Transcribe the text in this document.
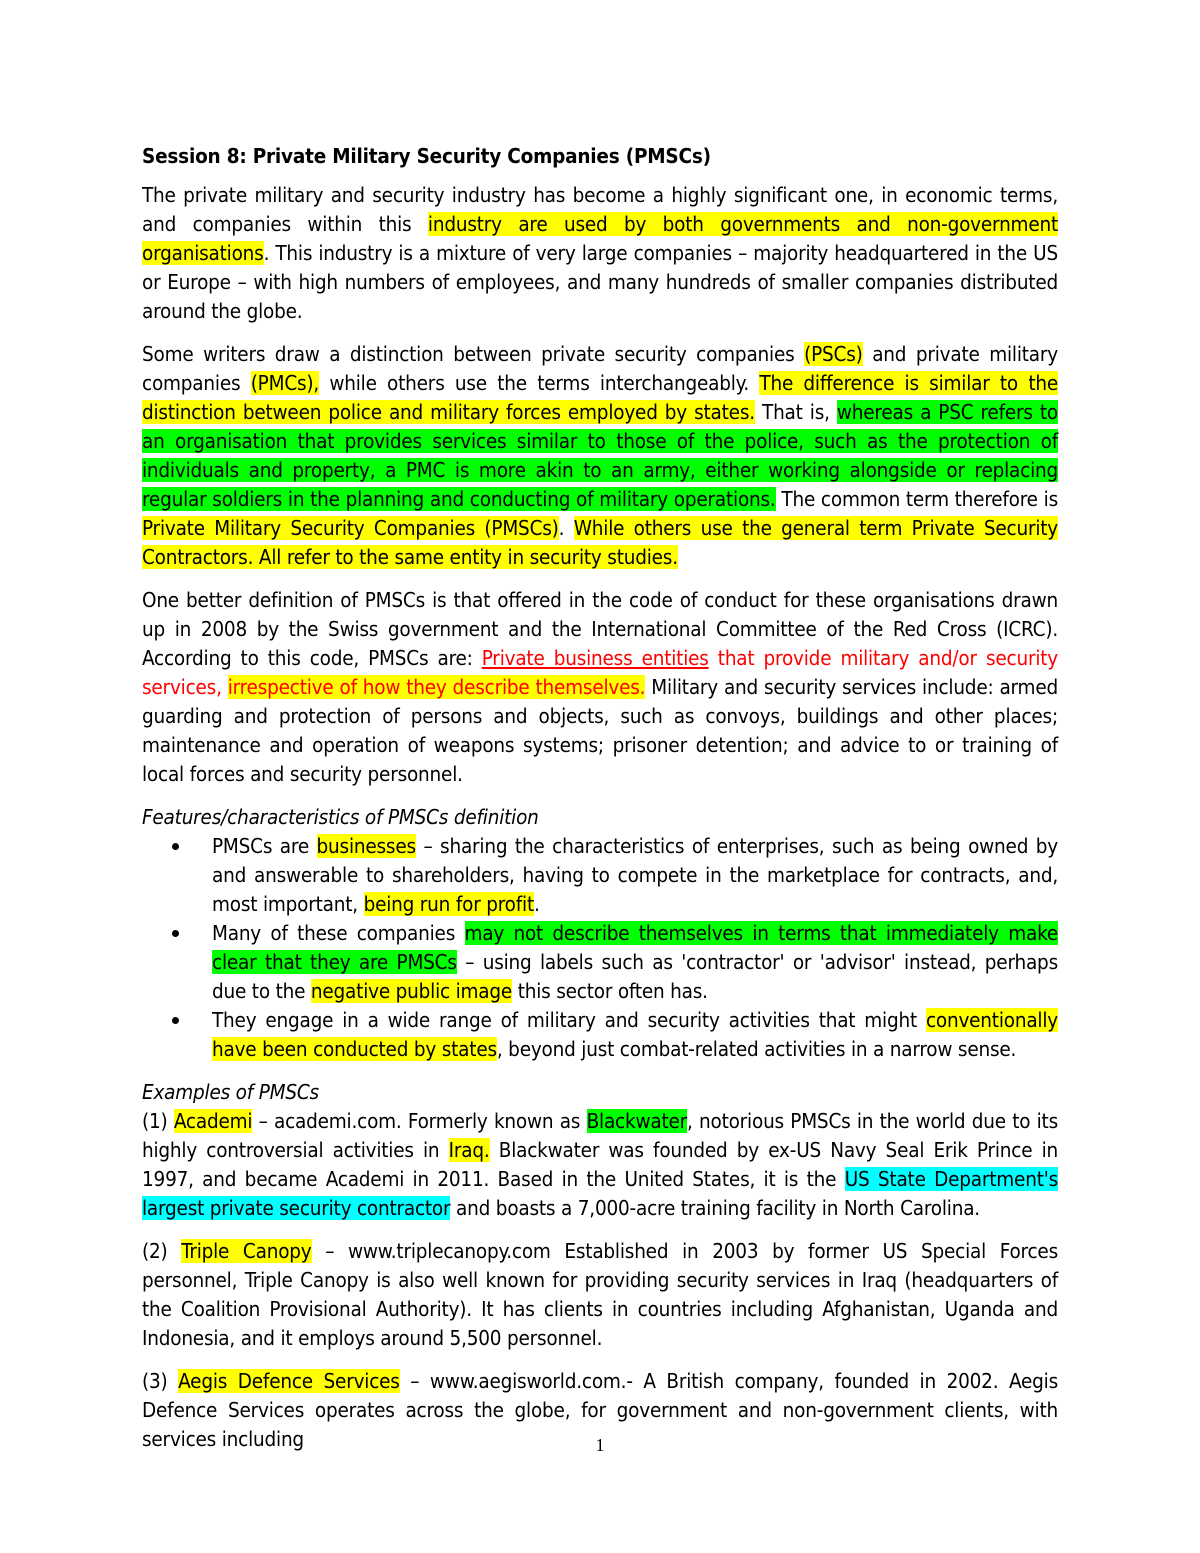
Session 8: Private Military Security Companies (PMSCs)

The private military and security industry has become a highly significant one, in economic terms, and companies within this industry are used by both governments and non-government organisations. This industry is a mixture of very large companies – majority headquartered in the US or Europe – with high numbers of employees, and many hundreds of smaller companies distributed around the globe.

Some writers draw a distinction between private security companies (PSCs) and private military companies (PMCs), while others use the terms interchangeably. The difference is similar to the distinction between police and military forces employed by states. That is, whereas a PSC refers to an organisation that provides services similar to those of the police, such as the protection of individuals and property, a PMC is more akin to an army, either working alongside or replacing regular soldiers in the planning and conducting of military operations. The common term therefore is Private Military Security Companies (PMSCs). While others use the general term Private Security Contractors. All refer to the same entity in security studies.

One better definition of PMSCs is that offered in the code of conduct for these organisations drawn up in 2008 by the Swiss government and the International Committee of the Red Cross (ICRC). According to this code, PMSCs are: Private business entities that provide military and/or security services, irrespective of how they describe themselves. Military and security services include: armed guarding and protection of persons and objects, such as convoys, buildings and other places; maintenance and operation of weapons systems; prisoner detention; and advice to or training of local forces and security personnel.

Features/characteristics of PMSCs definition
PMSCs are businesses – sharing the characteristics of enterprises, such as being owned by and answerable to shareholders, having to compete in the marketplace for contracts, and, most important, being run for profit.
Many of these companies may not describe themselves in terms that immediately make clear that they are PMSCs – using labels such as 'contractor' or 'advisor' instead, perhaps due to the negative public image this sector often has.
They engage in a wide range of military and security activities that might conventionally have been conducted by states, beyond just combat-related activities in a narrow sense.
Examples of PMSCs
(1) Academi – academi.com. Formerly known as Blackwater, notorious PMSCs in the world due to its highly controversial activities in Iraq. Blackwater was founded by ex-US Navy Seal Erik Prince in 1997, and became Academi in 2011. Based in the United States, it is the US State Department's largest private security contractor and boasts a 7,000-acre training facility in North Carolina.

(2) Triple Canopy – www.triplecanopy.com Established in 2003 by former US Special Forces personnel, Triple Canopy is also well known for providing security services in Iraq (headquarters of the Coalition Provisional Authority). It has clients in countries including Afghanistan, Uganda and Indonesia, and it employs around 5,500 personnel.

(3) Aegis Defence Services – www.aegisworld.com.- A British company, founded in 2002. Aegis Defence Services operates across the globe, for government and non-government clients, with services including	1
